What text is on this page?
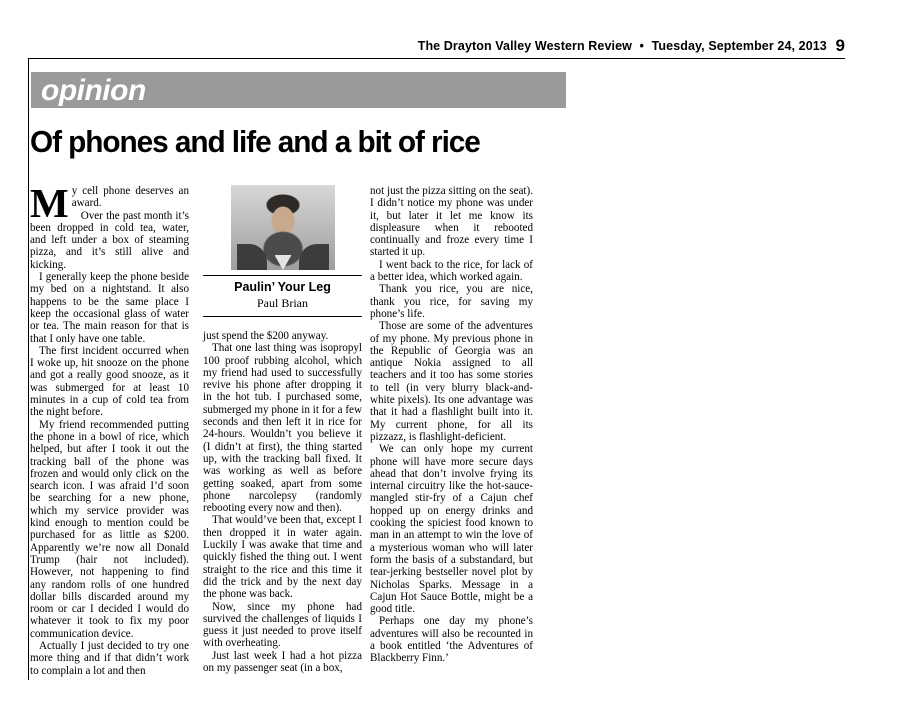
The Drayton Valley Western Review • Tuesday, September 24, 2013 9
opinion
Of phones and life and a bit of rice

My cell phone deserves an award.

Over the past month it’s been dropped in cold tea, water, and left under a box of steaming pizza, and it’s still alive and kicking.

I generally keep the phone beside my bed on a nightstand. It also happens to be the same place I keep the occasional glass of water or tea. The main reason for that is that I only have one table.

The first incident occurred when I woke up, hit snooze on the phone and got a really good snooze, as it was submerged for at least 10 minutes in a cup of cold tea from the night before.

My friend recommended putting the phone in a bowl of rice, which helped, but after I took it out the tracking ball of the phone was frozen and would only click on the search icon. I was afraid I’d soon be searching for a new phone, which my service provider was kind enough to mention could be purchased for as little as $200. Apparently we’re now all Donald Trump (hair not included). However, not happening to find any random rolls of one hundred dollar bills discarded around my room or car I decided I would do whatever it took to fix my poor communication device.

Actually I just decided to try one more thing and if that didn’t work to complain a lot and then

Paulin’ Your Leg
Paul Brian

just spend the $200 anyway.

That one last thing was isopropyl 100 proof rubbing alcohol, which my friend had used to successfully revive his phone after dropping it in the hot tub. I purchased some, submerged my phone in it for a few seconds and then left it in rice for 24-hours. Wouldn’t you believe it (I didn’t at first), the thing started up, with the tracking ball fixed. It was working as well as before getting soaked, apart from some phone narcolepsy (randomly rebooting every now and then).

That would’ve been that, except I then dropped it in water again. Luckily I was awake that time and quickly fished the thing out. I went straight to the rice and this time it did the trick and by the next day the phone was back.

Now, since my phone had survived the challenges of liquids I guess it just needed to prove itself with overheating.

Just last week I had a hot pizza on my passenger seat (in a box,

not just the pizza sitting on the seat). I didn’t notice my phone was under it, but later it let me know its displeasure when it rebooted continually and froze every time I started it up.

I went back to the rice, for lack of a better idea, which worked again.

Thank you rice, you are nice, thank you rice, for saving my phone’s life.

Those are some of the adventures of my phone. My previous phone in the Republic of Georgia was an antique Nokia assigned to all teachers and it too has some stories to tell (in very blurry black-and-white pixels). Its one advantage was that it had a flashlight built into it. My current phone, for all its pizzazz, is flashlight-deficient.

We can only hope my current phone will have more secure days ahead that don’t involve frying its internal circuitry like the hot-sauce-mangled stir-fry of a Cajun chef hopped up on energy drinks and cooking the spiciest food known to man in an attempt to win the love of a mysterious woman who will later form the basis of a substandard, but tear-jerking bestseller novel plot by Nicholas Sparks. Message in a Cajun Hot Sauce Bottle, might be a good title.

Perhaps one day my phone’s adventures will also be recounted in a book entitled ‘the Adventures of Blackberry Finn.’
